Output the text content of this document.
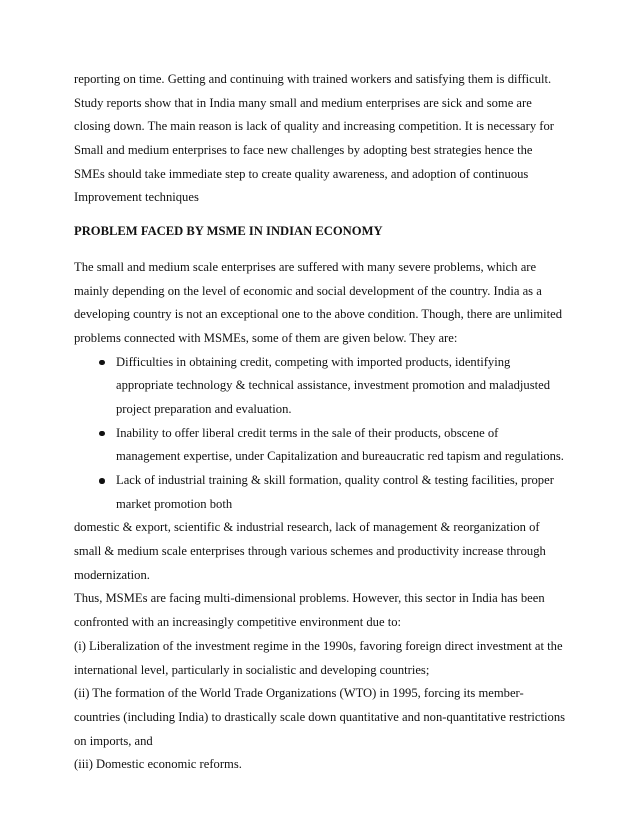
reporting on time. Getting and continuing with trained workers and satisfying them is difficult.
Study reports show that in India many small and medium enterprises are sick and some are
closing down. The main reason is lack of quality and increasing competition. It is necessary for
Small and medium enterprises to face new challenges by adopting best strategies hence the
SMEs should take immediate step to create quality awareness, and adoption of continuous
Improvement techniques
PROBLEM FACED BY MSME IN INDIAN ECONOMY
The small and medium scale enterprises are suffered with many severe problems, which are
mainly depending on the level of economic and social development of the country. India as a
developing country is not an exceptional one to the above condition. Though, there are unlimited
problems connected with MSMEs, some of them are given below. They are:
Difficulties in obtaining credit, competing with imported products, identifying
appropriate technology & technical assistance, investment promotion and maladjusted
project preparation and evaluation.
Inability to offer liberal credit terms in the sale of their products, obscene of
management expertise, under Capitalization and bureaucratic red tapism and regulations.
Lack of industrial training & skill formation, quality control & testing facilities, proper
market promotion both
domestic & export, scientific & industrial research, lack of management & reorganization of
small & medium scale enterprises through various schemes and productivity increase through
modernization.
Thus, MSMEs are facing multi-dimensional problems. However, this sector in India has been
confronted with an increasingly competitive environment due to:
(i) Liberalization of the investment regime in the 1990s, favoring foreign direct investment at the
international level, particularly in socialistic and developing countries;
(ii) The formation of the World Trade Organizations (WTO) in 1995, forcing its member-
countries (including India) to drastically scale down quantitative and non-quantitative restrictions
on imports, and
(iii) Domestic economic reforms.
